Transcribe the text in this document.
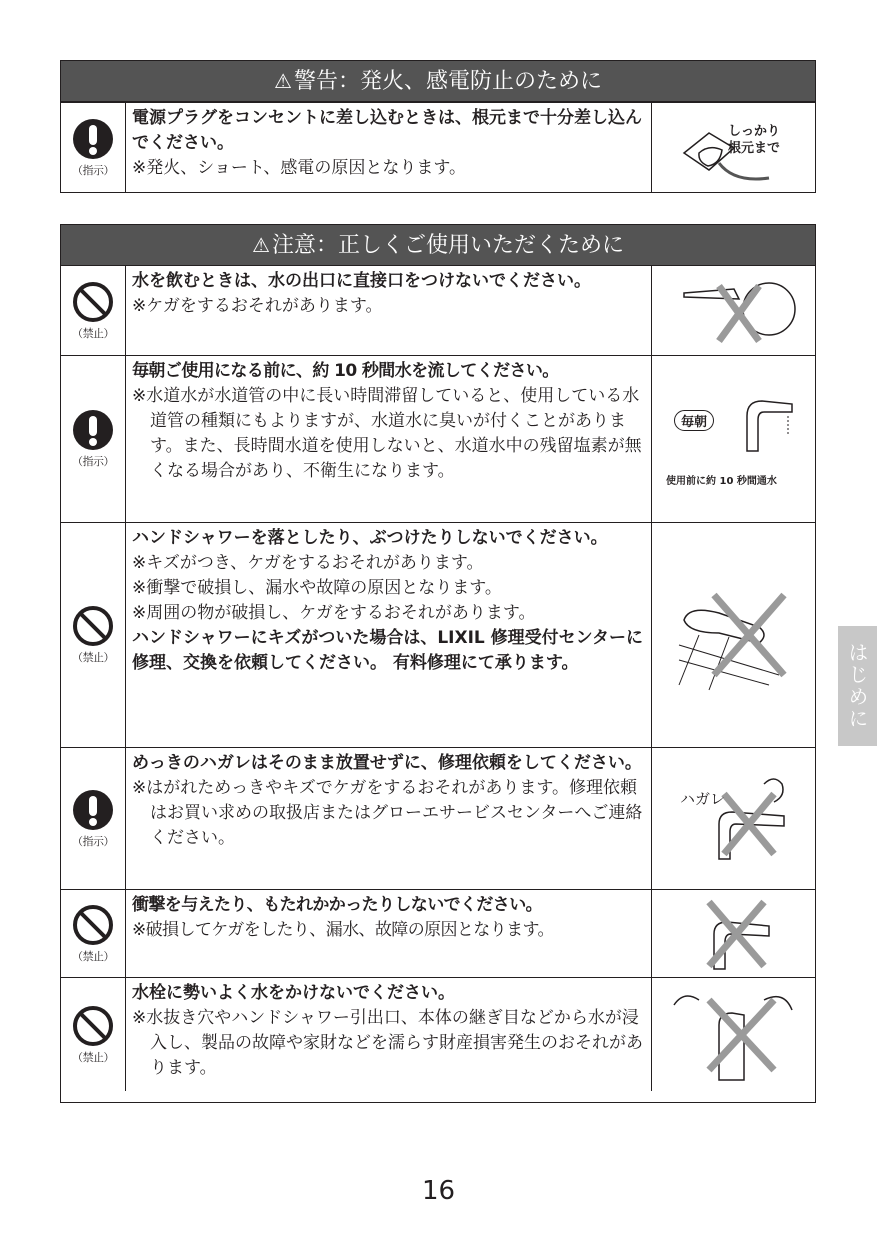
⚠警告：発火、感電防止のために
（指示）
電源プラグをコンセントに差し込むときは、根元まで十分差し込んでください。
※発火、ショート、感電の原因となります。
しっかり
根元まで
⚠注意：正しくご使用いただくために
（禁止）
水を飲むときは、水の出口に直接口をつけないでください。
※ケガをするおそれがあります。
（指示）
毎朝ご使用になる前に、約 10 秒間水を流してください。
※水道水が水道管の中に長い時間滞留していると、使用している水道管の種類にもよりますが、水道水に臭いが付くことがあります。また、長時間水道を使用しないと、水道水中の残留塩素が無くなる場合があり、不衛生になります。
毎朝
使用前に約 10 秒間通水
（禁止）
ハンドシャワーを落としたり、ぶつけたりしないでください。
※キズがつき、ケガをするおそれがあります。
※衝撃で破損し、漏水や故障の原因となります。
※周囲の物が破損し、ケガをするおそれがあります。
ハンドシャワーにキズがついた場合は、LIXIL 修理受付センターに修理、交換を依頼してください。 有料修理にて承ります。
（指示）
めっきのハガレはそのまま放置せずに、修理依頼をしてください。
※はがれためっきやキズでケガをするおそれがあります。修理依頼はお買い求めの取扱店またはグローエサービスセンターへご連絡ください。
ハガレ
（禁止）
衝撃を与えたり、もたれかかったりしないでください。
※破損してケガをしたり、漏水、故障の原因となります。
（禁止）
水栓に勢いよく水をかけないでください。
※水抜き穴やハンドシャワー引出口、本体の継ぎ目などから水が浸入し、製品の故障や家財などを濡らす財産損害発生のおそれがあります。
はじめに
16
